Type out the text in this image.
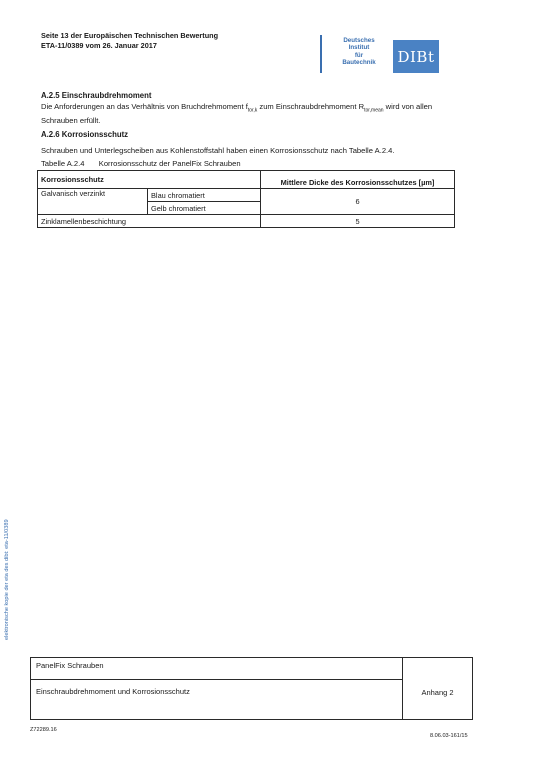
Seite 13 der Europäischen Technischen Bewertung
ETA-11/0389 vom 26. Januar 2017
Deutsches
Institut
für
Bautechnik	DIBt
A.2.5 Einschraubdrehmoment
Die Anforderungen an das Verhältnis von Bruchdrehmoment $f_{tor,k}$ zum Einschraubdrehmoment $R_{tor,mean}$ wird von allen
Schrauben erfüllt.
A.2.6 Korrosionsschutz
Schrauben und Unterlegscheiben aus Kohlenstoffstahl haben einen Korrosionsschutz nach Tabelle A.2.4.
Tabelle A.2.4 Korrosionsschutz der PanelFix Schrauben
Korrosionsschutz		Mittlere Dicke des Korrosionsschutzes [µm]
Galvanisch verzinkt	Blau chromatiert	6
	Gelb chromatiert	
Zinklamellenbeschichtung		5
elektronische kopie der eta des dibt: eta-11/0389
PanelFix Schrauben
Einschraubdrehmoment und Korrosionsschutz	Anhang 2
Z72289.16
8.06.03-161/15
